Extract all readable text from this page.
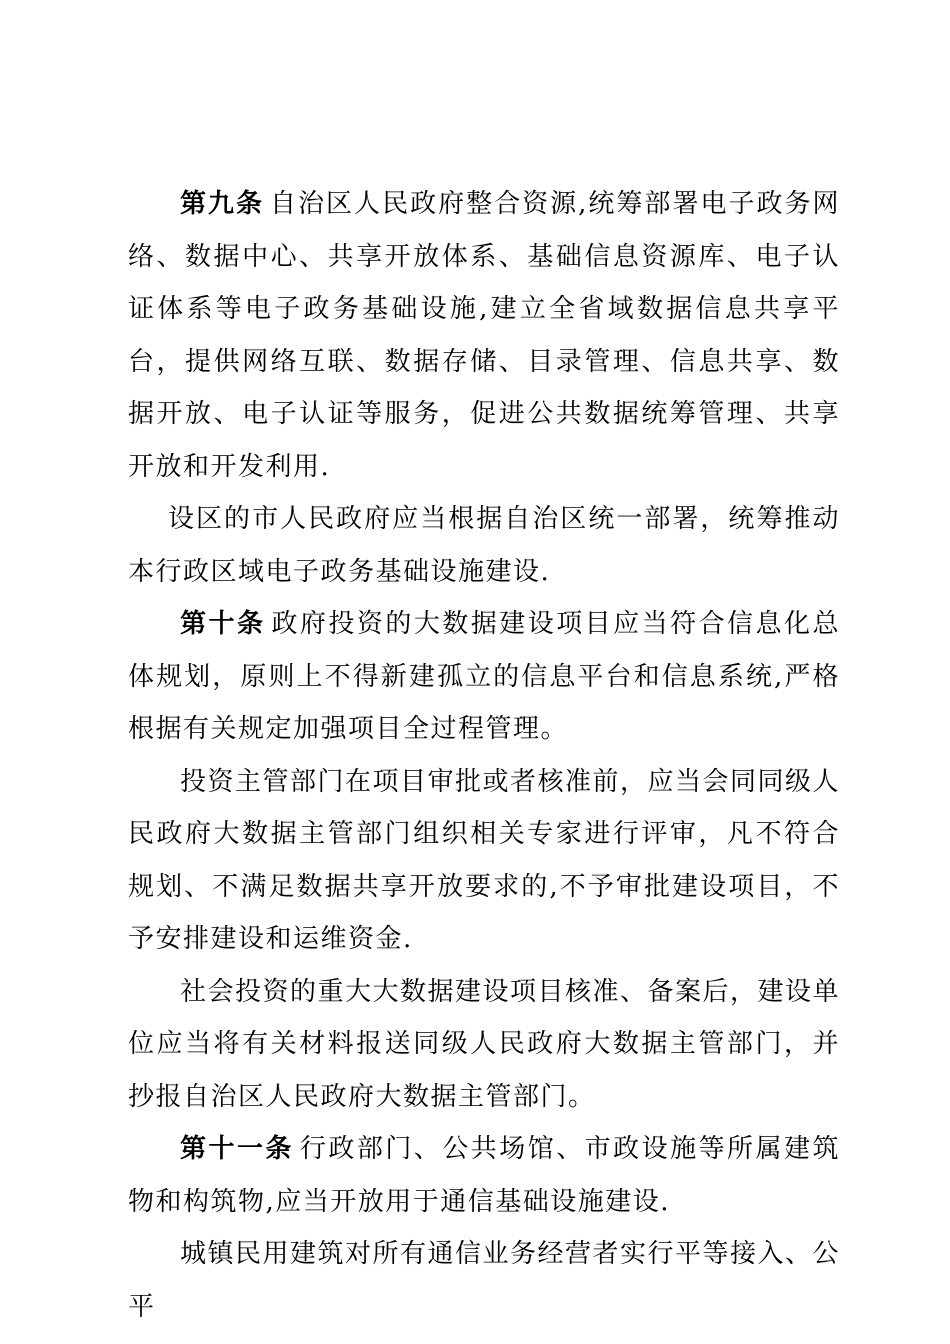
第九条 自治区人民政府整合资源,统筹部署电子政务网络、数据中心、共享开放体系、基础信息资源库、电子认证体系等电子政务基础设施,建立全省域数据信息共享平台，提供网络互联、数据存储、目录管理、信息共享、数据开放、电子认证等服务，促进公共数据统筹管理、共享开放和开发利用.

设区的市人民政府应当根据自治区统一部署，统筹推动本行政区域电子政务基础设施建设.

第十条 政府投资的大数据建设项目应当符合信息化总体规划，原则上不得新建孤立的信息平台和信息系统,严格根据有关规定加强项目全过程管理。

投资主管部门在项目审批或者核准前，应当会同同级人民政府大数据主管部门组织相关专家进行评审，凡不符合规划、不满足数据共享开放要求的,不予审批建设项目，不予安排建设和运维资金.

社会投资的重大大数据建设项目核准、备案后，建设单位应当将有关材料报送同级人民政府大数据主管部门，并抄报自治区人民政府大数据主管部门。

第十一条 行政部门、公共场馆、市政设施等所属建筑物和构筑物,应当开放用于通信基础设施建设.

城镇民用建筑对所有通信业务经营者实行平等接入、公平
